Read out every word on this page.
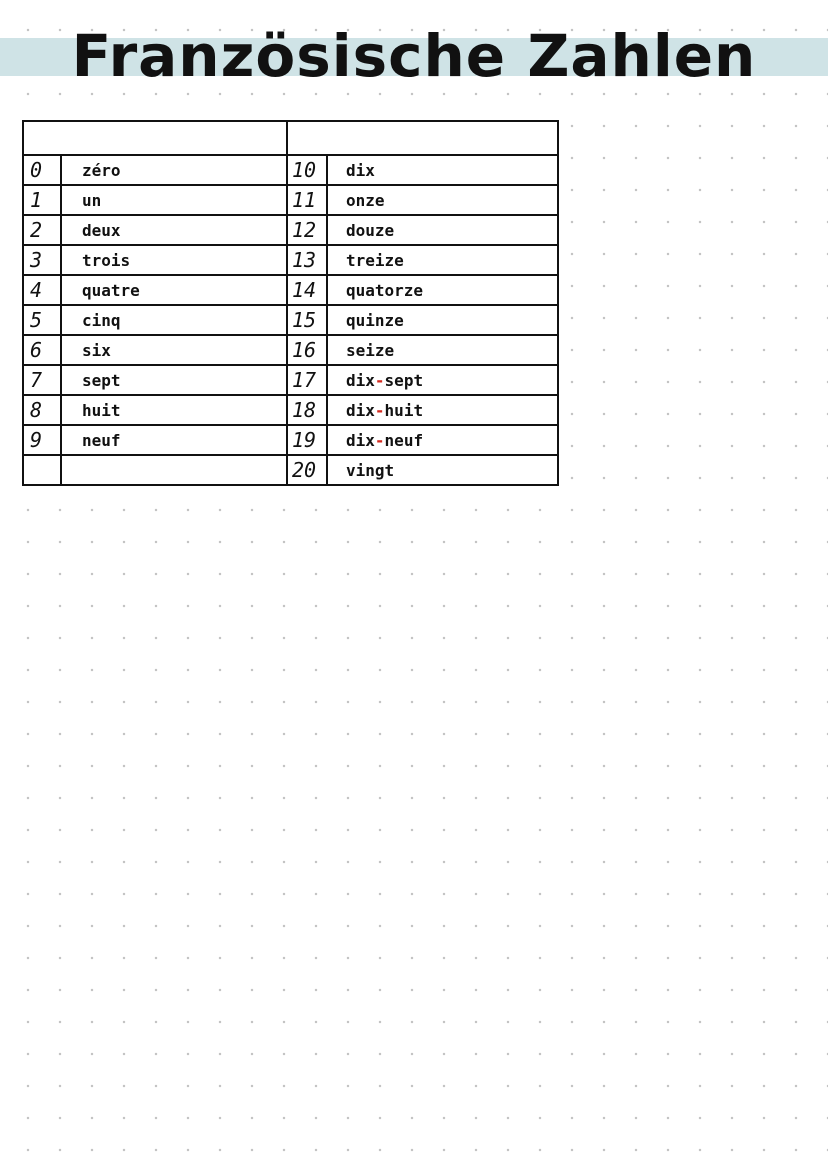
Französische Zahlen

0	zéro	10	dix
1	un	11	onze
2	deux	12	douze
3	trois	13	treize
4	quatre	14	quatorze
5	cinq	15	quinze
6	six	16	seize
7	sept	17	dix-sept
8	huit	18	dix-huit
9	neuf	19	dix-neuf
		20	vingt
